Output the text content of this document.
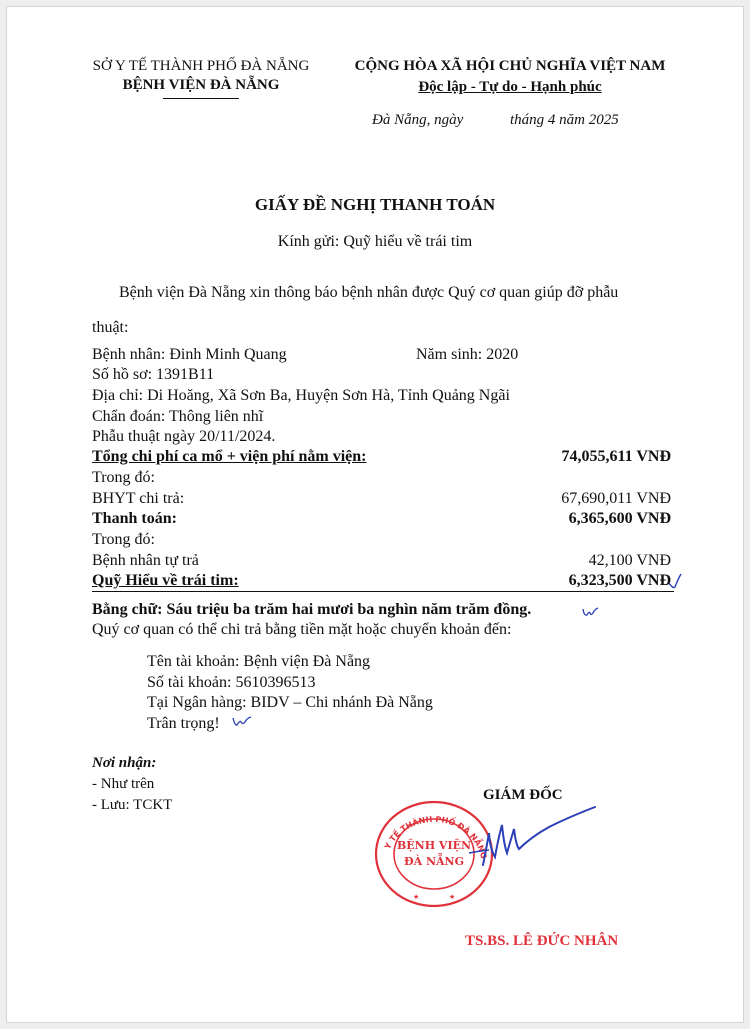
SỞ Y TẾ THÀNH PHỐ ĐÀ NẴNG
BỆNH VIỆN ĐÀ NẴNG
CỘNG HÒA XÃ HỘI CHỦ NGHĨA VIỆT NAM
Độc lập - Tự do - Hạnh phúc
Đà Nẵng, ngày	tháng 4 năm 2025
GIẤY ĐỀ NGHỊ THANH TOÁN
Kính gửi: Quỹ hiểu về trái tim
Bệnh viện Đà Nẵng xin thông báo bệnh nhân được Quý cơ quan giúp đỡ phẫu
thuật:
Bệnh nhân: Đinh Minh Quang	Năm sinh: 2020
Số hồ sơ: 1391B11
Địa chỉ: Di Hoăng, Xã Sơn Ba, Huyện Sơn Hà, Tỉnh Quảng Ngãi
Chẩn đoán: Thông liên nhĩ
Phẫu thuật ngày 20/11/2024.
Tổng chi phí ca mổ + viện phí nằm viện:	74,055,611 VNĐ
Trong đó:
BHYT chi trả:	67,690,011 VNĐ
Thanh toán:	6,365,600 VNĐ
Trong đó:
Bệnh nhân tự trả	42,100 VNĐ
Quỹ Hiểu về trái tim:	6,323,500 VNĐ
Bằng chữ: Sáu triệu ba trăm hai mươi ba nghìn năm trăm đồng.
Quý cơ quan có thể chi trả bằng tiền mặt hoặc chuyển khoản đến:
Tên tài khoản: Bệnh viện Đà Nẵng
Số tài khoản: 5610396513
Tại Ngân hàng: BIDV – Chi nhánh Đà Nẵng
Trân trọng!
Nơi nhận:
- Như trên
- Lưu: TCKT
GIÁM ĐỐC
Y TẾ THÀNH PHỐ ĐÀ NẴNG
BỆNH VIỆN
ĐÀ NẴNG
★	★
TS.BS. LÊ ĐỨC NHÂN
